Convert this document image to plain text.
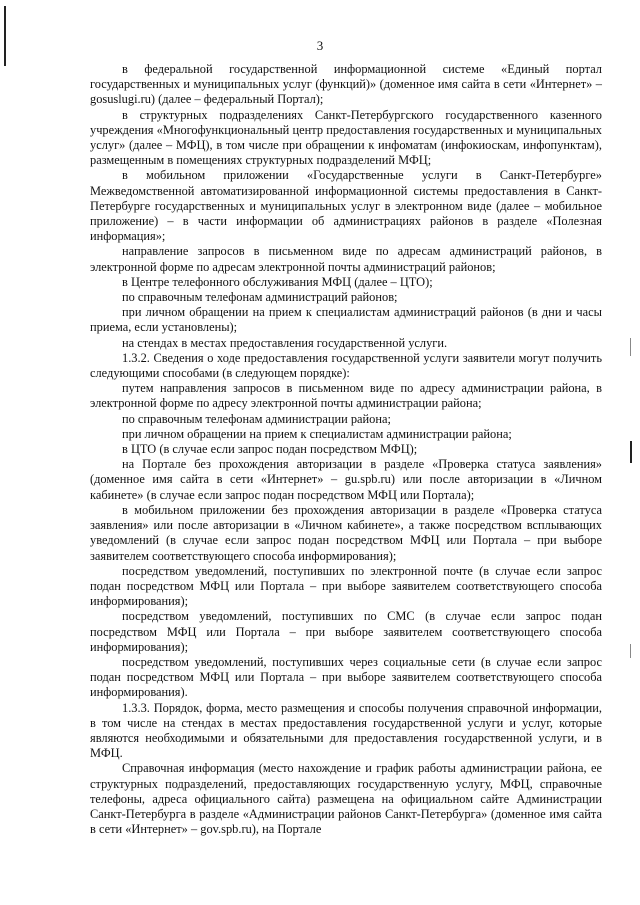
3

в федеральной государственной информационной системе «Единый портал государственных и муниципальных услуг (функций)» (доменное имя сайта в сети «Интернет» – gosuslugi.ru) (далее – федеральный Портал);

в структурных подразделениях Санкт-Петербургского государственного казенного учреждения «Многофункциональный центр предоставления государственных и муниципальных услуг» (далее – МФЦ), в том числе при обращении к инфоматам (инфокиоскам, инфопунктам), размещенным в помещениях структурных подразделений МФЦ;

в мобильном приложении «Государственные услуги в Санкт-Петербурге» Межведомственной автоматизированной информационной системы предоставления в Санкт-Петербурге государственных и муниципальных услуг в электронном виде (далее – мобильное приложение) – в части информации об администрациях районов в разделе «Полезная информация»;

направление запросов в письменном виде по адресам администраций районов, в электронной форме по адресам электронной почты администраций районов;

в Центре телефонного обслуживания МФЦ (далее – ЦТО);

по справочным телефонам администраций районов;

при личном обращении на прием к специалистам администраций районов (в дни и часы приема, если установлены);

на стендах в местах предоставления государственной услуги.

1.3.2. Сведения о ходе предоставления государственной услуги заявители могут получить следующими способами (в следующем порядке):

путем направления запросов в письменном виде по адресу администрации района, в электронной форме по адресу электронной почты администрации района;

по справочным телефонам администрации района;

при личном обращении на прием к специалистам администрации района;

в ЦТО (в случае если запрос подан посредством МФЦ);

на Портале без прохождения авторизации в разделе «Проверка статуса заявления» (доменное имя сайта в сети «Интернет» – gu.spb.ru) или после авторизации в «Личном кабинете» (в случае если запрос подан посредством МФЦ или Портала);

в мобильном приложении без прохождения авторизации в разделе «Проверка статуса заявления» или после авторизации в «Личном кабинете», а также посредством всплывающих уведомлений (в случае если запрос подан посредством МФЦ или Портала – при выборе заявителем соответствующего способа информирования);

посредством уведомлений, поступивших по электронной почте (в случае если запрос подан посредством МФЦ или Портала – при выборе заявителем соответствующего способа информирования);

посредством уведомлений, поступивших по СМС (в случае если запрос подан посредством МФЦ или Портала – при выборе заявителем соответствующего способа информирования);

посредством уведомлений, поступивших через социальные сети (в случае если запрос подан посредством МФЦ или Портала – при выборе заявителем соответствующего способа информирования).

1.3.3. Порядок, форма, место размещения и способы получения справочной информации, в том числе на стендах в местах предоставления государственной услуги и услуг, которые являются необходимыми и обязательными для предоставления государственной услуги, и в МФЦ.

Справочная информация (место нахождение и график работы администрации района, ее структурных подразделений, предоставляющих государственную услугу, МФЦ, справочные телефоны, адреса официального сайта) размещена на официальном сайте Администрации Санкт-Петербурга в разделе «Администрации районов Санкт-Петербурга» (доменное имя сайта в сети «Интернет» – gov.spb.ru), на Портале
